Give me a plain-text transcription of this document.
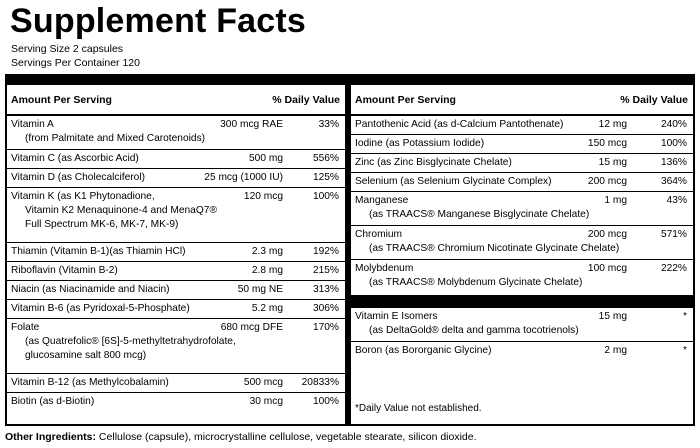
Supplement Facts
Serving Size 2 capsules
Servings Per Container 120
Amount Per Serving	% Daily Value
Vitamin A	300 mcg RAE	33%
(from Palmitate and Mixed Carotenoids)
Vitamin C (as Ascorbic Acid)	500 mg	556%
Vitamin D (as Cholecalciferol)	25 mcg (1000 IU)	125%
Vitamin K (as K1 Phytonadione,	120 mcg	100%
Vitamin K2 Menaquinone-4 and MenaQ7®
Full Spectrum MK-6, MK-7, MK-9)
Thiamin (Vitamin B-1)(as Thiamin HCl)	2.3 mg	192%
Riboflavin (Vitamin B-2)	2.8 mg	215%
Niacin (as Niacinamide and Niacin)	50 mg NE	313%
Vitamin B-6 (as Pyridoxal-5-Phosphate)	5.2 mg	306%
Folate	680 mcg DFE	170%
(as Quatrefolic® [6S]-5-methyltetrahydrofolate,
glucosamine salt 800 mcg)
Vitamin B-12 (as Methylcobalamin)	500 mcg 20833%
Biotin (as d-Biotin)	30 mcg	100%
Amount Per Serving	% Daily Value
Pantothenic Acid (as d-Calcium Pantothenate)	12 mg	240%
Iodine (as Potassium Iodide)	150 mcg	100%
Zinc (as Zinc Bisglycinate Chelate)	15 mg	136%
Selenium (as Selenium Glycinate Complex)	200 mcg	364%
Manganese	1 mg	43%
(as TRAACS® Manganese Bisglycinate Chelate)
Chromium	200 mcg	571%
(as TRAACS® Chromium Nicotinate Glycinate Chelate)
Molybdenum	100 mcg	222%
(as TRAACS® Molybdenum Glycinate Chelate)
Vitamin E Isomers	15 mg	*
(as DeltaGold® delta and gamma tocotrienols)
Boron (as Bororganic Glycine)	2 mg	*
*Daily Value not established.
Other Ingredients: Cellulose (capsule), microcrystalline cellulose, vegetable stearate, silicon dioxide.
